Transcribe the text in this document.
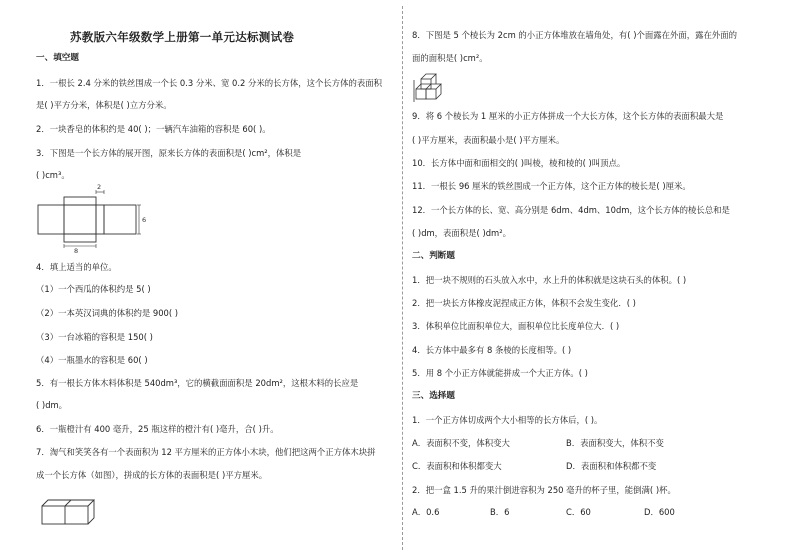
苏教版六年级数学上册第一单元达标测试卷
一、填空题
1．一根长 2.4 分米的铁丝围成一个长 0.3 分米、宽 0.2 分米的长方体，这个长方体的表面积
是( )平方分米，体积是( )立方分米。
2．一块香皂的体积约是 40( )；一辆汽车油箱的容积是 60( )。
3．下图是一个长方体的展开图，原来长方体的表面积是( )cm²，体积是
( )cm³。
2
6
8
4．填上适当的单位。
（1）一个西瓜的体积约是 5( )
（2）一本英汉词典的体积约是 900( )
（3）一台冰箱的容积是 150( )
（4）一瓶墨水的容积是 60( )
5．有一根长方体木料体积是 540dm³，它的横截面面积是 20dm²，这根木料的长应是
( )dm。
6．一瓶橙汁有 400 毫升，25 瓶这样的橙汁有( )毫升，合( )升。
7．淘气和笑笑各有一个表面积为 12 平方厘米的正方体小木块，他们把这两个正方体木块拼
成一个长方体（如图），拼成的长方体的表面积是( )平方厘米。
8．下图是 5 个棱长为 2cm 的小正方体堆放在墙角处，有( )个面露在外面，露在外面的
面的面积是( )cm²。
9．将 6 个棱长为 1 厘米的小正方体拼成一个大长方体，这个长方体的表面积最大是
( )平方厘米，表面积最小是( )平方厘米。
10．长方体中面和面相交的( )叫棱，棱和棱的( )叫顶点。
11．一根长 96 厘米的铁丝围成一个正方体，这个正方体的棱长是( )厘米。
12．一个长方体的长、宽、高分别是 6dm、4dm、10dm，这个长方体的棱长总和是
( )dm，表面积是( )dm²。
二、判断题
1．把一块不规则的石头放入水中，水上升的体积就是这块石头的体积。( )
2．把一块长方体橡皮泥捏成正方体，体积不会发生变化．( )
3．体积单位比面积单位大，面积单位比长度单位大．( )
4．长方体中最多有 8 条棱的长度相等。( )
5．用 8 个小正方体就能拼成一个大正方体。( )
三、选择题
1．一个正方体切成两个大小相等的长方体后，( )。
A．表面积不变，体积变大	B．表面积变大，体积不变
C．表面积和体积都变大	D．表面积和体积都不变
2．把一盒 1.5 升的果汁倒进容积为 250 毫升的杯子里，能倒满( )杯。
A．0.6	B．6	C．60	D．600
